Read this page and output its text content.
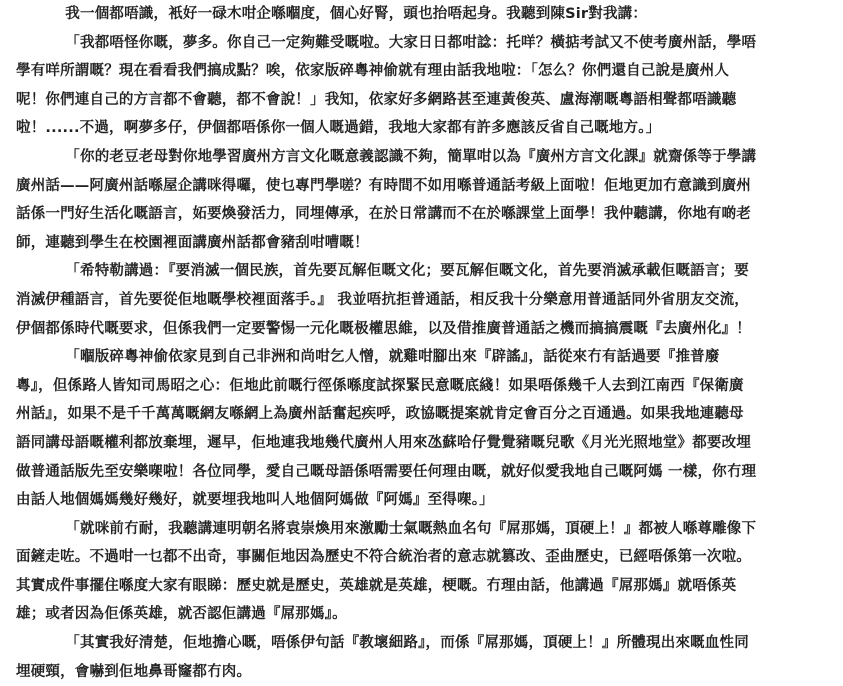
我一個都唔識，衹好一碌木咁企喺嗰度，個心好腎，頭也抬唔起身。我聽到陳Sir對我講：

「我都唔怪你嘅，夢多。你自己一定夠難受嘅啦。大家日日都咁諗：托咩？橫掂考試又不使考廣州話，學唔
學有咩所謂嘅？現在看看我們搞成點？唉，依家版碎粵神偷就有理由話我地啦：「怎么？你們還自己說是廣州人
呢！你們連自己的方言都不會聽，都不會說！」我知，依家好多網路甚至連黃俊英、盧海潮嘅粵語相聲都唔識聽
啦！......不過，啊夢多仔，伊個都唔係你一個人嘅過錯，我地大家都有許多應該反省自己嘅地方。」

「你的老豆老母對你地學習廣州方言文化嘅意義認識不夠，簡單咁以為『廣州方言文化課』就齋係等于學講
廣州話——阿廣州話喺屋企講咪得囉，使乜專門學嗟？有時間不如用喺普通話考級上面啦！佢地更加冇意識到廣州
話係一門好生活化嘅語言，妬要煥發活力，同埋傳承，在於日常講而不在於喺課堂上面學！我仲聽講，你地有啲老
師，連聽到學生在校園裡面講廣州話都會豬刮咁嘈嘅！

「希特勒講過：『要消滅一個民族，首先要瓦解佢嘅文化；要瓦解佢嘅文化，首先要消滅承載佢嘅語言；要
消滅伊種語言，首先要從佢地嘅學校裡面落手。』 我並唔抗拒普通話，相反我十分樂意用普通話同外省朋友交流，
伊個都係時代嘅要求，但係我們一定要警惕一元化嘅极權思維，以及借推廣普通話之機而搞搞震嘅『去廣州化』！

「嗰版碎粵神偷依家見到自己非洲和尚咁乞人憎，就雞咁腳出來『辟謠』，話從來冇有話過要『推普廢
粵』，但係路人皆知司馬昭之心：佢地此前嘅行徑係喺度試探緊民意嘅底綫！如果唔係幾千人去到江南西『保衛廣
州話』，如果不是千千萬萬嘅網友喺網上為廣州話奮起疾呼，政協嘅提案就肯定會百分之百通過。如果我地連聽母
語同講母語嘅權利都放棄埋，遲早，佢地連我地幾代廣州人用來氹蘇哈仔覺覺豬嘅兒歌《月光光照地堂》都要改埋
做普通話版先至安樂㗎啦！各位同學，愛自己嘅母語係唔需要任何理由嘅，就好似愛我地自己嘅阿媽 一樣，你冇理
由話人地個媽媽幾好幾好，就要埋我地叫人地個阿媽做『阿媽』至得㗎。」

「就咪前冇耐，我聽講連明朝名將袁崇煥用來激勵士氣嘅熱血名句『屌那媽，頂硬上！』都被人喺尊雕像下
面鏟走咗。不過咁一乜都不出奇，事關佢地因為歷史不符合統治者的意志就篡改、歪曲歷史，已經唔係第一次啦。
其實成件事擺住喺度大家有眼睇：歷史就是歷史，英雄就是英雄，梗嘅。冇理由話，他講過『屌那媽』就唔係英
雄；或者因為佢係英雄，就否認佢講過『屌那媽』。

「其實我好清楚，佢地擔心嘅，唔係伊句話『教壞細路』，而係『屌那媽，頂硬上！』所體現出來嘅血性同
埋硬頸，會嚇到佢地鼻哥窿都冇肉。
